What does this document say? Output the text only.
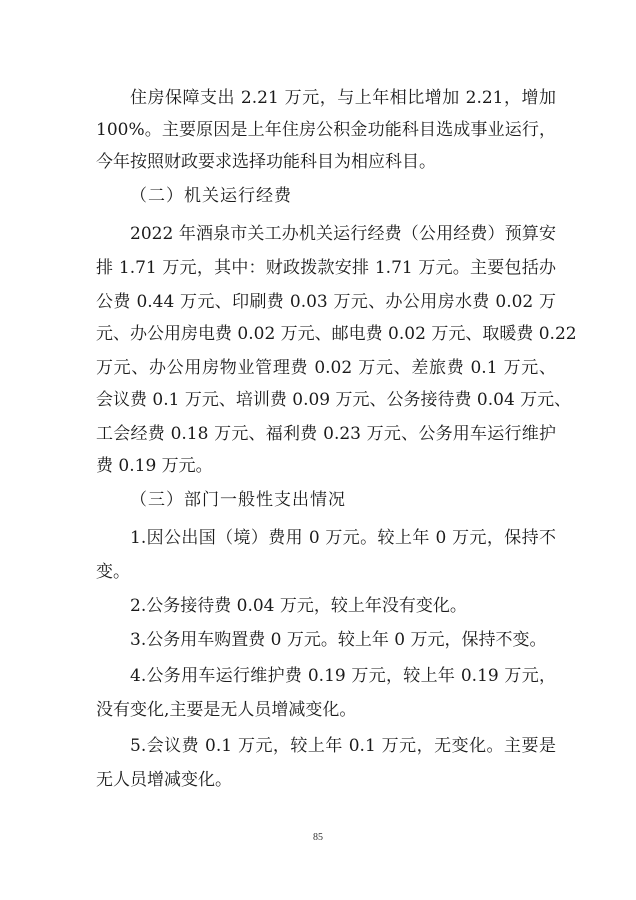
住房保障支出 2.21 万元，与上年相比增加 2.21，增加
100%。主要原因是上年住房公积金功能科目选成事业运行，
今年按照财政要求选择功能科目为相应科目。
（二）机关运行经费
2022 年酒泉市关工办机关运行经费（公用经费）预算安
排 1.71 万元，其中：财政拨款安排 1.71 万元。主要包括办
公费 0.44 万元、印刷费 0.03 万元、办公用房水费 0.02 万
元、办公用房电费 0.02 万元、邮电费 0.02 万元、取暖费 0.22
万元、办公用房物业管理费 0.02 万元、差旅费 0.1 万元、
会议费 0.1 万元、培训费 0.09 万元、公务接待费 0.04 万元、
工会经费 0.18 万元、福利费 0.23 万元、公务用车运行维护
费 0.19 万元。
（三）部门一般性支出情况
1.因公出国（境）费用 0 万元。较上年 0 万元，保持不
变。
2.公务接待费 0.04 万元，较上年没有变化。
3.公务用车购置费 0 万元。较上年 0 万元，保持不变。
4.公务用车运行维护费 0.19 万元，较上年 0.19 万元，
没有变化,主要是无人员增减变化。
5.会议费 0.1 万元，较上年 0.1 万元，无变化。主要是
无人员增减变化。
85
